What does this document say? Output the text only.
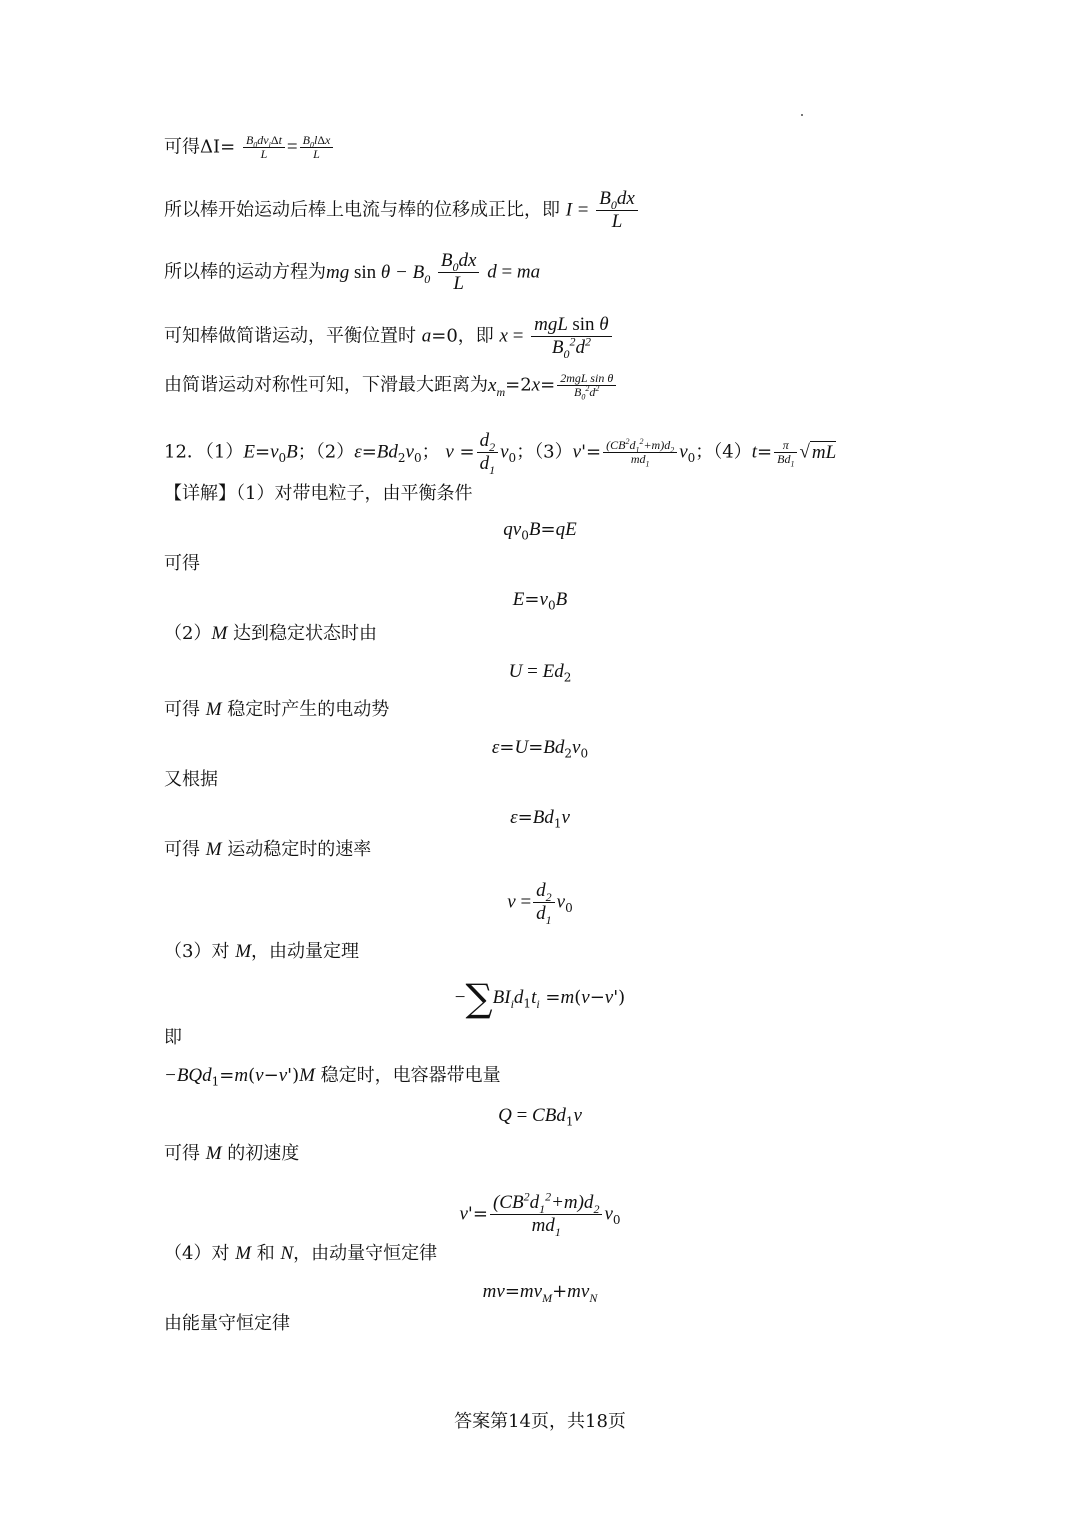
可得$\Delta I= \frac{B_0dv_i\Delta t}{L} = \frac{B_0l\Delta x}{L}$
所以棒开始运动后棒上电流与棒的位移成正比，即 $I = \frac{B_0dx}{L}$
所以棒的运动方程为mg $\sin \theta - B_0 \frac{B_0dx}{L}$ d = ma
可知棒做简谐运动，平衡位置时 a=0，即 $x = \frac{\text{mgL sin θ}}{B_0^2d^2}$
由简谐运动对称性可知，下滑最大距离为$x_m=2x= \frac{\text{2mgL sin θ}}{B_0^2d^2}$
12．$(1)E=v_0B$；$(2)\varepsilon=Bd_2v_0$； $v = \frac{d_2}{d_1} v_0$；$(3)v'= \frac{(CB^2d_1^2+m)d_2}{md_1} v_0$；$(4)t= \frac{\pi}{Bd_1}$ √ mL
【详解】（1）对带电粒子，由平衡条件
$qv_0B=qE$
可得
$E=v_0B$
（2）M 达到稳定状态时由
$U = Ed_2$
可得 M 稳定时产生的电动势
$\varepsilon=U=Bd_2v_0$
又根据
$\varepsilon=Bd_1v$
可得 M 运动稳定时的速率
$v = \frac{d_2}{d_1} v_0$
（3）对 M，由动量定理
$-\sum BI_id_1t_i =m(v-v')$
即
−BQd$_1$=m(v−v')M 稳定时，电容器带电量
Q = CBd$_1$v
可得 M 的初速度
$v'= \frac{(CB^2d_1^2+m)d_2}{md_1} v_0$
（4）对 M 和 N，由动量守恒定律
$mv=mv_M+mv_N$
由能量守恒定律
答案第14页，共18页
